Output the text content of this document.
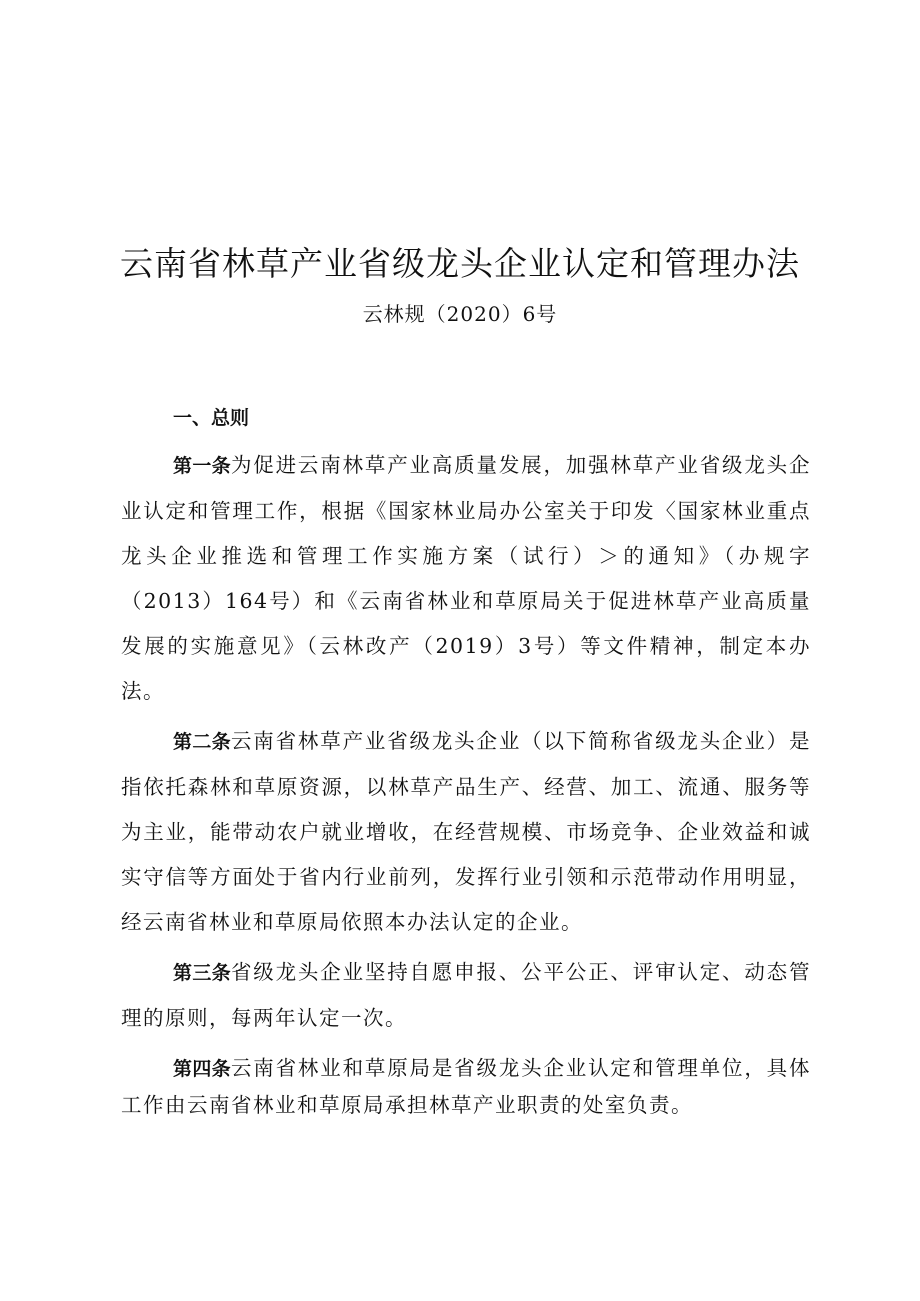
云南省林草产业省级龙头企业认定和管理办法
云林规（2020）6号
一、总则

第一条为促进云南林草产业高质量发展，加强林草产业省级龙头企业认定和管理工作，根据《国家林业局办公室关于印发〈国家林业重点龙头企业推选和管理工作实施方案（试行）＞的通知》（办规字（2013）164号）和《云南省林业和草原局关于促进林草产业高质量发展的实施意见》（云林改产（2019）3号）等文件精神，制定本办法。

第二条云南省林草产业省级龙头企业（以下简称省级龙头企业）是指依托森林和草原资源，以林草产品生产、经营、加工、流通、服务等为主业，能带动农户就业增收，在经营规模、市场竞争、企业效益和诚实守信等方面处于省内行业前列，发挥行业引领和示范带动作用明显，经云南省林业和草原局依照本办法认定的企业。

第三条省级龙头企业坚持自愿申报、公平公正、评审认定、动态管理的原则，每两年认定一次。

第四条云南省林业和草原局是省级龙头企业认定和管理单位，具体工作由云南省林业和草原局承担林草产业职责的处室负责。
